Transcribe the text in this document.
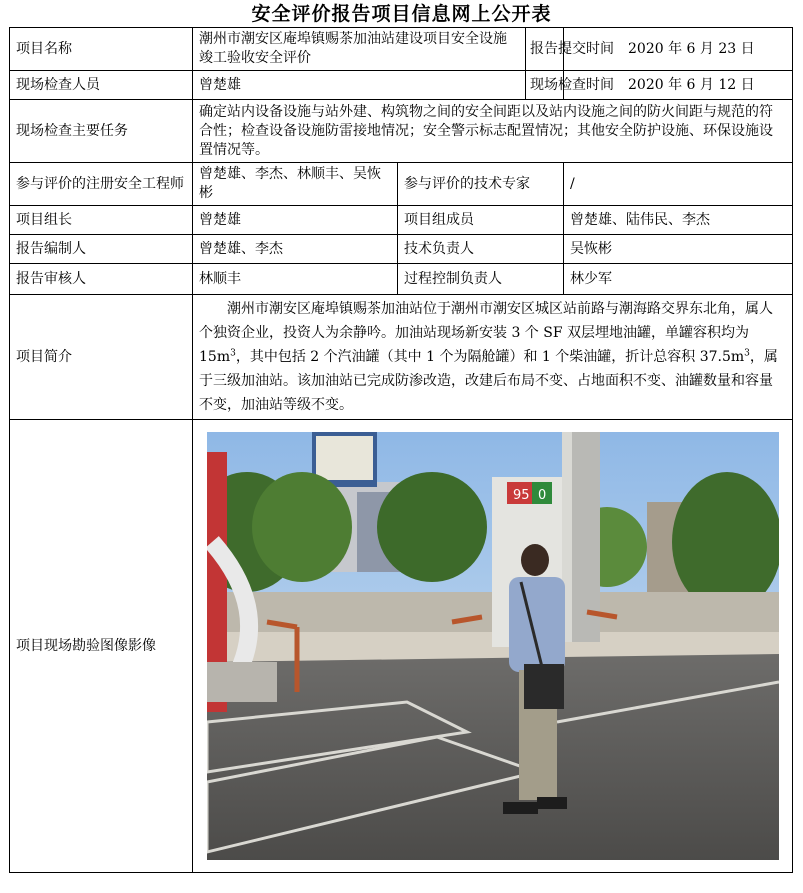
安全评价报告项目信息网上公开表
项目名称	潮州市潮安区庵埠镇赐茶加油站建设项目安全设施竣工验收安全评价		报告提交时间	2020 年 6 月 23 日
现场检查人员	曾楚雄		现场检查时间	2020 年 6 月 12 日
现场检查主要任务	确定站内设备设施与站外建、构筑物之间的安全间距以及站内设施之间的防火间距与规范的符合性；检查设备设施防雷接地情况；安全警示标志配置情况；其他安全防护设施、环保设施设置情况等。			
参与评价的注册安全工程师	曾楚雄、李杰、林顺丰、吴恢彬	参与评价的技术专家		/
项目组长	曾楚雄	项目组成员		曾楚雄、陆伟民、李杰
报告编制人	曾楚雄、李杰	技术负责人		吴恢彬
报告审核人	林顺丰	过程控制负责人		林少军
项目简介	潮州市潮安区庵埠镇赐茶加油站位于潮州市潮安区城区站前路与潮海路交界东北角，属人个独资企业，投资人为余静吟。加油站现场新安装 3 个 SF 双层埋地油罐，单罐容积均为 $15m^3$，其中包括 2 个汽油罐（其中 1 个为隔舱罐）和 1 个柴油罐，折计总容积 $37.5m^3$，属于三级加油站。该加油站已完成防渗改造，改建后布局不变、占地面积不变、油罐数量和容量不变，加油站等级不变。			
项目现场勘验图像影像	95 0			
